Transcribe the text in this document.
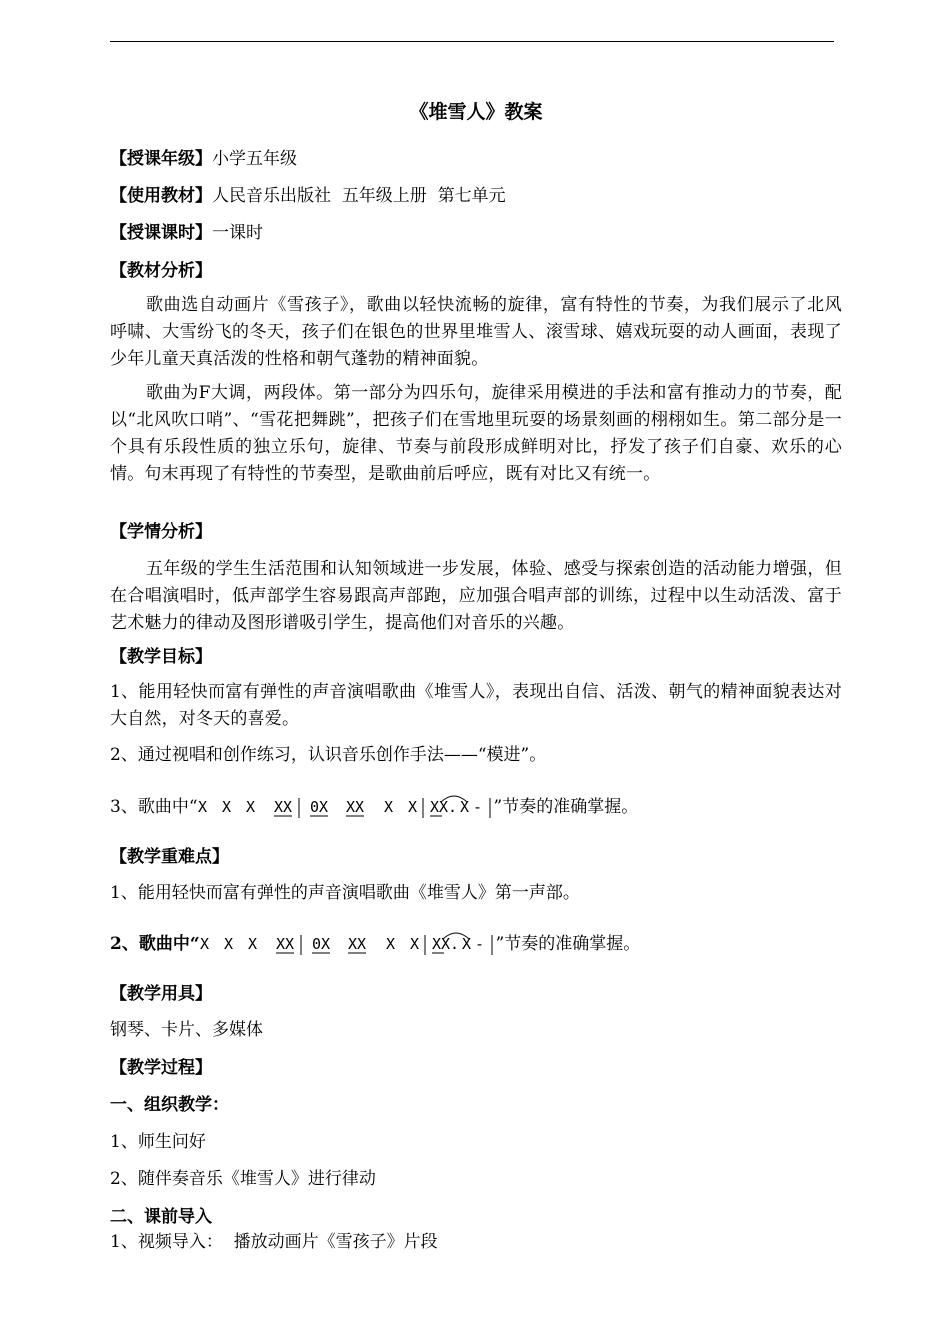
《堆雪人》教案
【授课年级】小学五年级
【使用教材】人民音乐出版社  五年级上册  第七单元
【授课课时】一课时
【教材分析】
歌曲选自动画片《雪孩子》，歌曲以轻快流畅的旋律，富有特性的节奏，为我们展示了北风呼啸、大雪纷飞的冬天，孩子们在银色的世界里堆雪人、滚雪球、嬉戏玩耍的动人画面，表现了少年儿童天真活泼的性格和朝气蓬勃的精神面貌。
歌曲为F大调，两段体。第一部分为四乐句，旋律采用模进的手法和富有推动力的节奏，配以“北风吹口哨”、“雪花把舞跳”，把孩子们在雪地里玩耍的场景刻画的栩栩如生。第二部分是一个具有乐段性质的独立乐句，旋律、节奏与前段形成鲜明对比，抒发了孩子们自豪、欢乐的心情。句末再现了有特性的节奏型，是歌曲前后呼应，既有对比又有统一。
【学情分析】
五年级的学生生活范围和认知领域进一步发展，体验、感受与探索创造的活动能力增强，但在合唱演唱时，低声部学生容易跟高声部跑，应加强合唱声部的训练，过程中以生动活泼、富于艺术魅力的律动及图形谱吸引学生，提高他们对音乐的兴趣。
【教学目标】
1、能用轻快而富有弹性的声音演唱歌曲《堆雪人》，表现出自信、活泼、朝气的精神面貌表达对大自然，对冬天的喜爱。
2、通过视唱和创作练习，认识音乐创作手法——“模进”。
3、歌曲中“ X X X XX 0X XX X X XX. X - ”节奏的准确掌握。
【教学重难点】
1、能用轻快而富有弹性的声音演唱歌曲《堆雪人》第一声部。
2、歌曲中“ X X X XX 0X XX X X XX. X - ”节奏的准确掌握。
【教学用具】
钢琴、卡片、多媒体
【教学过程】
一、组织教学：
1、师生问好
2、随伴奏音乐《堆雪人》进行律动
二、课前导入
1、视频导入：  播放动画片《雪孩子》片段
